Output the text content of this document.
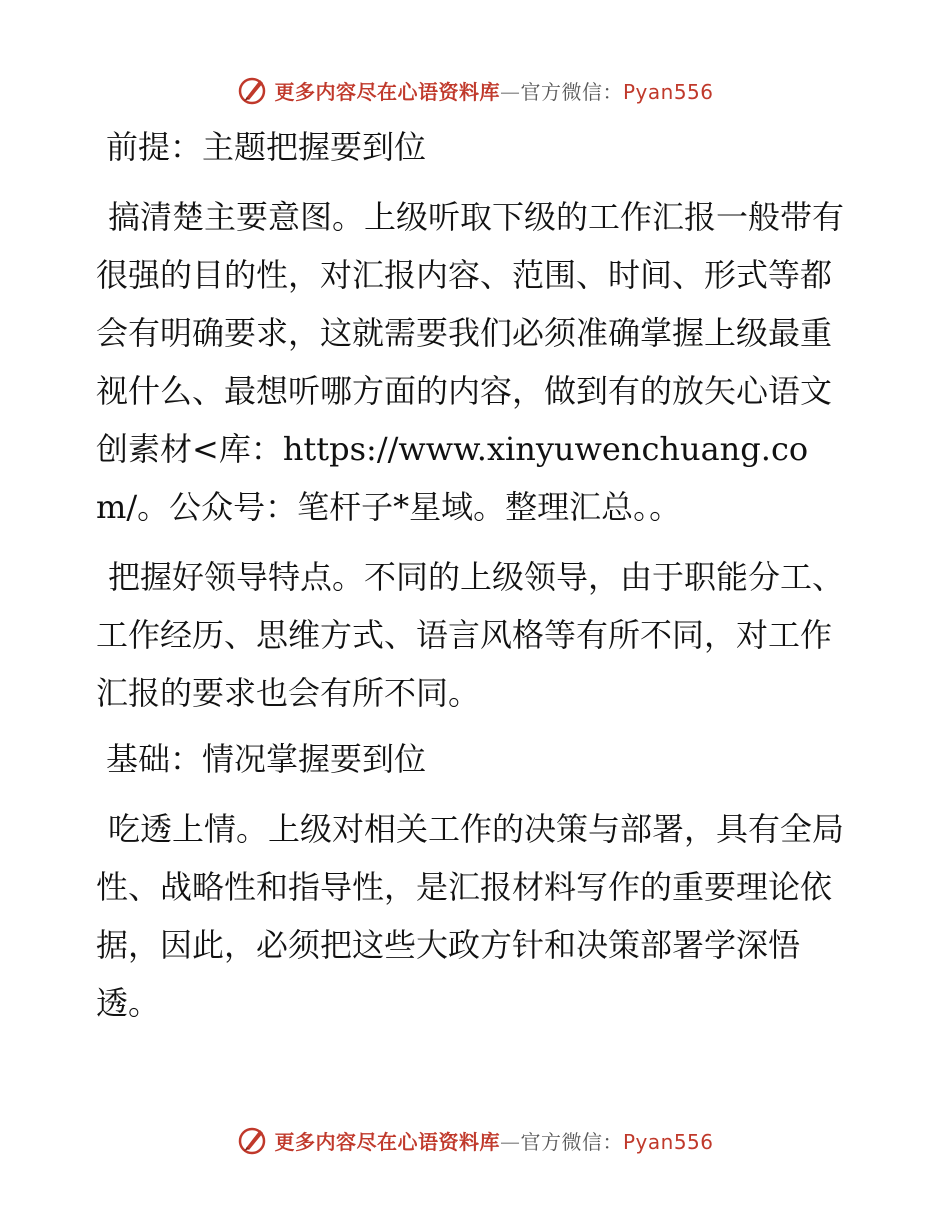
更多内容尽在心语资料库—官方微信：Pyan556
前提：主题把握要到位
搞清楚主要意图。上级听取下级的工作汇报一般带有很强的目的性，对汇报内容、范围、时间、形式等都会有明确要求，这就需要我们必须准确掌握上级最重视什么、最想听哪方面的内容，做到有的放矢心语文创素材<库：https://www.xinyuwenchuang.com/。公众号：笔杆子*星域。整理汇总。。
把握好领导特点。不同的上级领导，由于职能分工、工作经历、思维方式、语言风格等有所不同，对工作汇报的要求也会有所不同。
基础：情况掌握要到位
吃透上情。上级对相关工作的决策与部署，具有全局性、战略性和指导性，是汇报材料写作的重要理论依据，因此，必须把这些大政方针和决策部署学深悟透。
更多内容尽在心语资料库—官方微信：Pyan556
